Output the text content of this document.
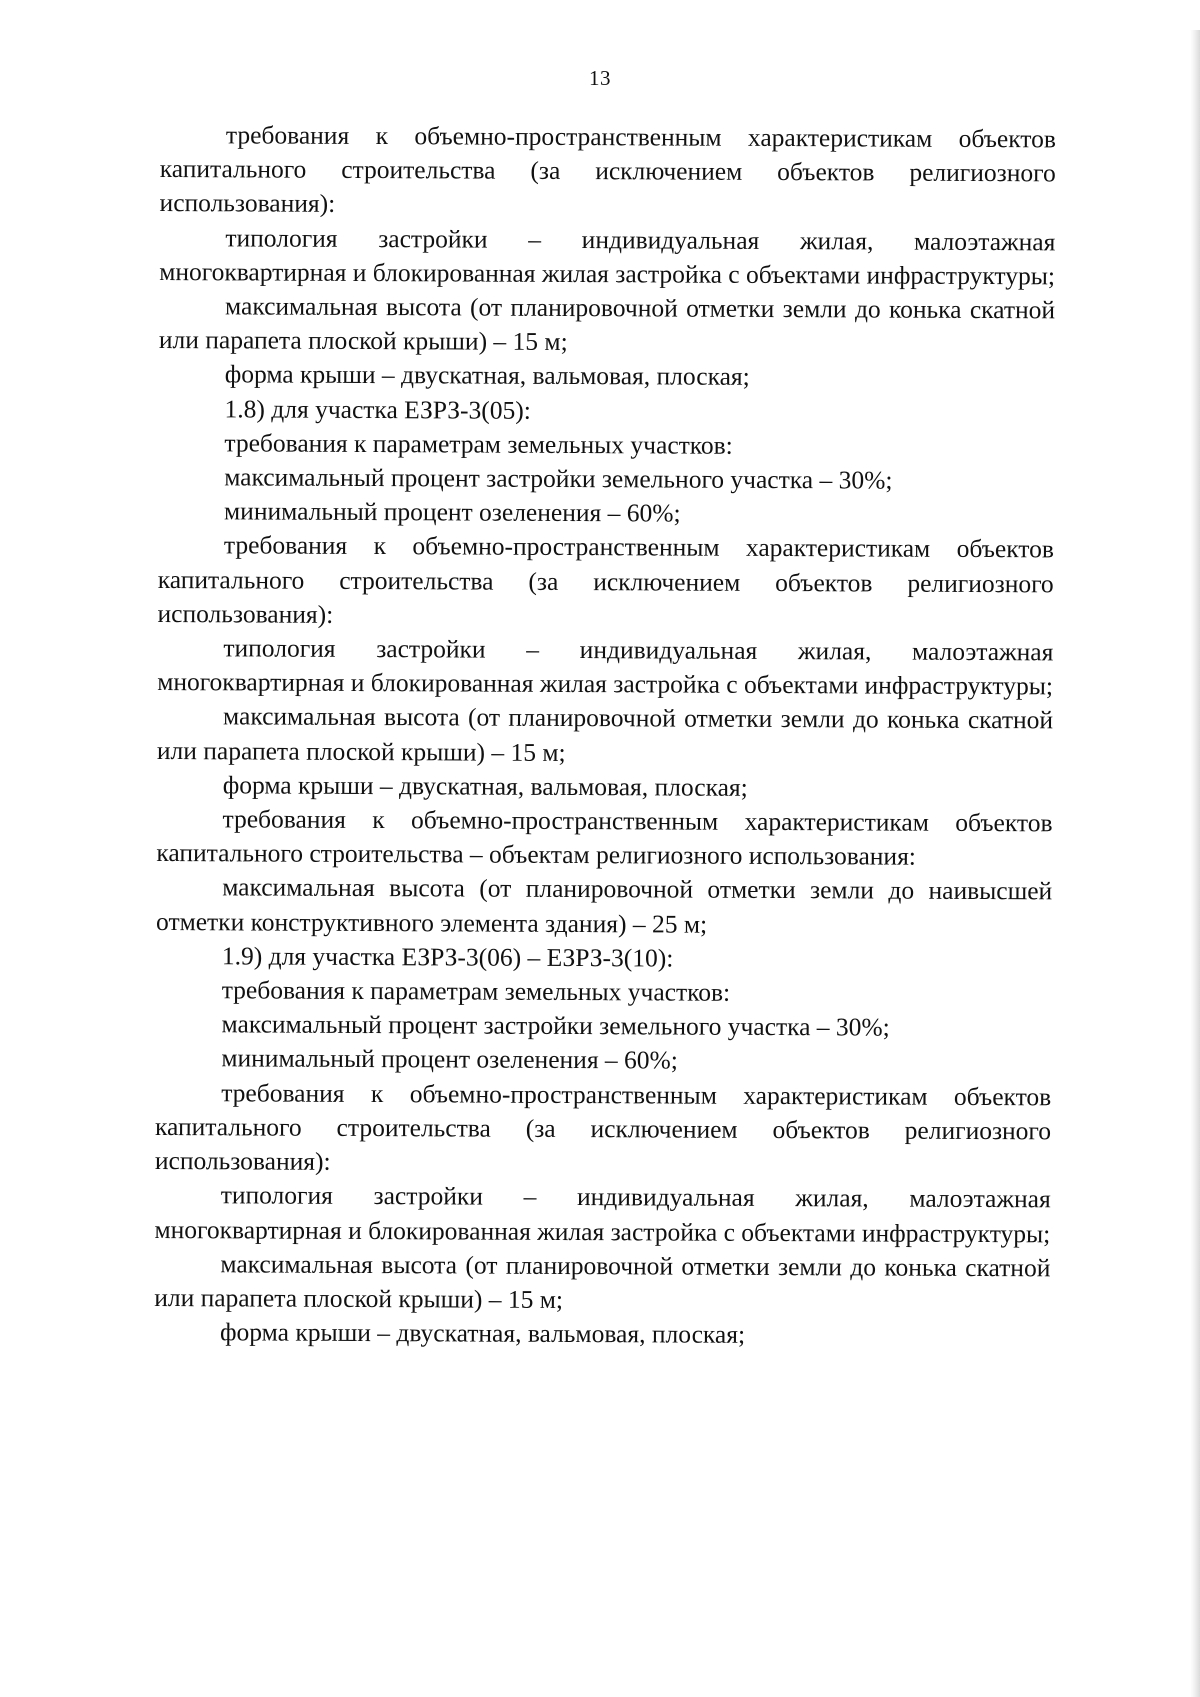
13

требования к объемно-пространственным характеристикам объектов капитального строительства (за исключением объектов религиозного использования):

типология застройки – индивидуальная жилая, малоэтажная многоквартирная и блокированная жилая застройка с объектами инфраструктуры;

максимальная высота (от планировочной отметки земли до конька скатной или парапета плоской крыши) – 15 м;

форма крыши – двускатная, вальмовая, плоская;

1.8) для участка ЕЗРЗ-3(05):

требования к параметрам земельных участков:

максимальный процент застройки земельного участка – 30%;

минимальный процент озеленения – 60%;

требования к объемно-пространственным характеристикам объектов капитального строительства (за исключением объектов религиозного использования):

типология застройки – индивидуальная жилая, малоэтажная многоквартирная и блокированная жилая застройка с объектами инфраструктуры;

максимальная высота (от планировочной отметки земли до конька скатной или парапета плоской крыши) – 15 м;

форма крыши – двускатная, вальмовая, плоская;

требования к объемно-пространственным характеристикам объектов капитального строительства – объектам религиозного использования:

максимальная высота (от планировочной отметки земли до наивысшей отметки конструктивного элемента здания) – 25 м;

1.9) для участка ЕЗРЗ-3(06) – ЕЗРЗ-3(10):

требования к параметрам земельных участков:

максимальный процент застройки земельного участка – 30%;

минимальный процент озеленения – 60%;

требования к объемно-пространственным характеристикам объектов капитального строительства (за исключением объектов религиозного использования):

типология застройки – индивидуальная жилая, малоэтажная многоквартирная и блокированная жилая застройка с объектами инфраструктуры;

максимальная высота (от планировочной отметки земли до конька скатной или парапета плоской крыши) – 15 м;

форма крыши – двускатная, вальмовая, плоская;
